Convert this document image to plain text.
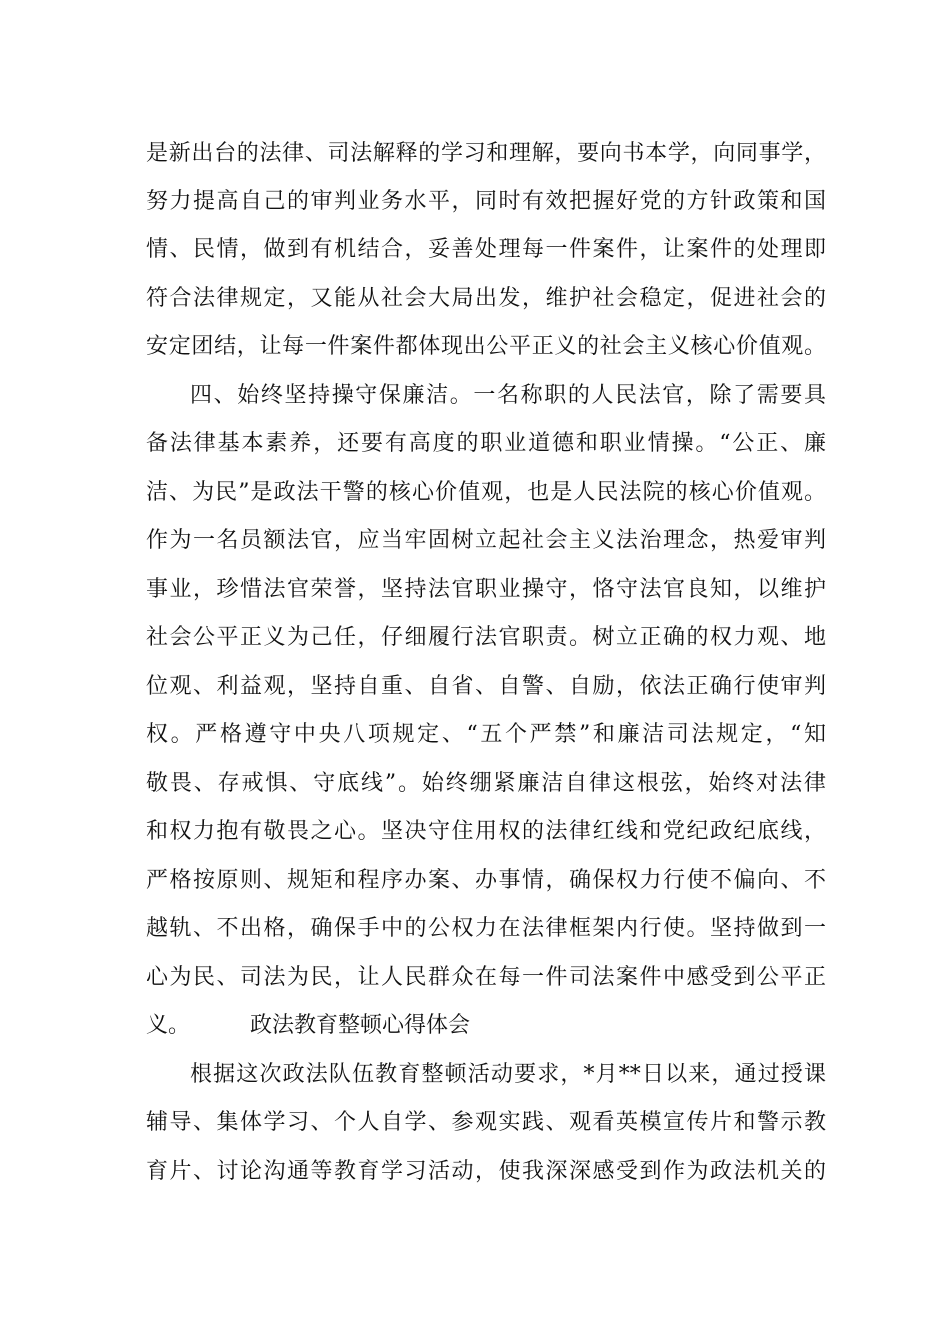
是新出台的法律、司法解释的学习和理解，要向书本学，向同事学，
努力提高自己的审判业务水平，同时有效把握好党的方针政策和国
情、民情，做到有机结合，妥善处理每一件案件，让案件的处理即
符合法律规定，又能从社会大局出发，维护社会稳定，促进社会的
安定团结，让每一件案件都体现出公平正义的社会主义核心价值观。
四、始终坚持操守保廉洁。一名称职的人民法官，除了需要具
备法律基本素养，还要有高度的职业道德和职业情操。“公正、廉
洁、为民”是政法干警的核心价值观，也是人民法院的核心价值观。
作为一名员额法官，应当牢固树立起社会主义法治理念，热爱审判
事业，珍惜法官荣誉，坚持法官职业操守，恪守法官良知，以维护
社会公平正义为己任，仔细履行法官职责。树立正确的权力观、地
位观、利益观，坚持自重、自省、自警、自励，依法正确行使审判
权。严格遵守中央八项规定、“五个严禁”和廉洁司法规定，“知
敬畏、存戒惧、守底线”。始终绷紧廉洁自律这根弦，始终对法律
和权力抱有敬畏之心。坚决守住用权的法律红线和党纪政纪底线，
严格按原则、规矩和程序办案、办事情，确保权力行使不偏向、不
越轨、不出格，确保手中的公权力在法律框架内行使。坚持做到一
心为民、司法为民，让人民群众在每一件司法案件中感受到公平正
义。	政法教育整顿心得体会
根据这次政法队伍教育整顿活动要求，*月**日以来，通过授课
辅导、集体学习、个人自学、参观实践、观看英模宣传片和警示教
育片、讨论沟通等教育学习活动，使我深深感受到作为政法机关的
